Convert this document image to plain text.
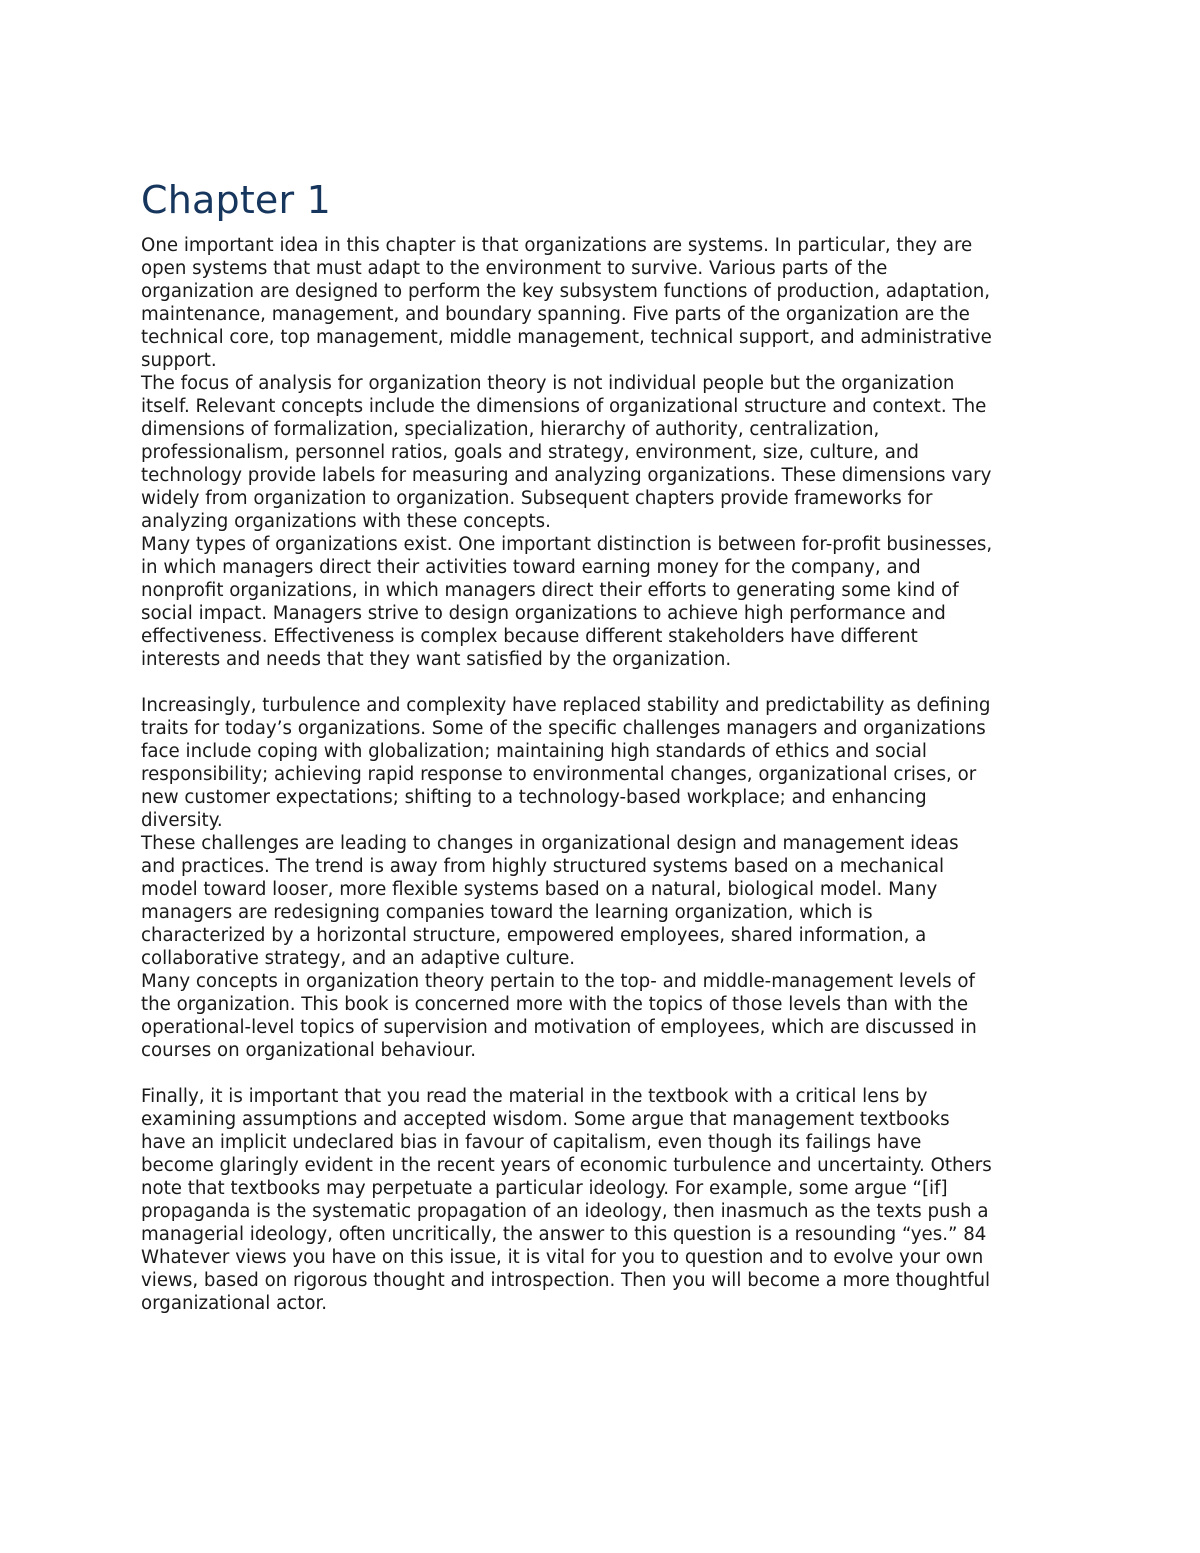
Chapter 1
One important idea in this chapter is that organizations are systems. In particular, they are
open systems that must adapt to the environment to survive. Various parts of the
organization are designed to perform the key subsystem functions of production, adaptation,
maintenance, management, and boundary spanning. Five parts of the organization are the
technical core, top management, middle management, technical support, and administrative
support.
The focus of analysis for organization theory is not individual people but the organization
itself. Relevant concepts include the dimensions of organizational structure and context. The
dimensions of formalization, specialization, hierarchy of authority, centralization,
professionalism, personnel ratios, goals and strategy, environment, size, culture, and
technology provide labels for measuring and analyzing organizations. These dimensions vary
widely from organization to organization. Subsequent chapters provide frameworks for
analyzing organizations with these concepts.
Many types of organizations exist. One important distinction is between for-profit businesses,
in which managers direct their activities toward earning money for the company, and
nonprofit organizations, in which managers direct their efforts to generating some kind of
social impact. Managers strive to design organizations to achieve high performance and
effectiveness. Effectiveness is complex because different stakeholders have different
interests and needs that they want satisfied by the organization.
Increasingly, turbulence and complexity have replaced stability and predictability as defining
traits for today’s organizations. Some of the specific challenges managers and organizations
face include coping with globalization; maintaining high standards of ethics and social
responsibility; achieving rapid response to environmental changes, organizational crises, or
new customer expectations; shifting to a technology-based workplace; and enhancing
diversity.
These challenges are leading to changes in organizational design and management ideas
and practices. The trend is away from highly structured systems based on a mechanical
model toward looser, more flexible systems based on a natural, biological model. Many
managers are redesigning companies toward the learning organization, which is
characterized by a horizontal structure, empowered employees, shared information, a
collaborative strategy, and an adaptive culture.
Many concepts in organization theory pertain to the top- and middle-management levels of
the organization. This book is concerned more with the topics of those levels than with the
operational-level topics of supervision and motivation of employees, which are discussed in
courses on organizational behaviour.
Finally, it is important that you read the material in the textbook with a critical lens by
examining assumptions and accepted wisdom. Some argue that management textbooks
have an implicit undeclared bias in favour of capitalism, even though its failings have
become glaringly evident in the recent years of economic turbulence and uncertainty. Others
note that textbooks may perpetuate a particular ideology. For example, some argue “[if]
propaganda is the systematic propagation of an ideology, then inasmuch as the texts push a
managerial ideology, often uncritically, the answer to this question is a resounding “yes.” 84
Whatever views you have on this issue, it is vital for you to question and to evolve your own
views, based on rigorous thought and introspection. Then you will become a more thoughtful
organizational actor.
